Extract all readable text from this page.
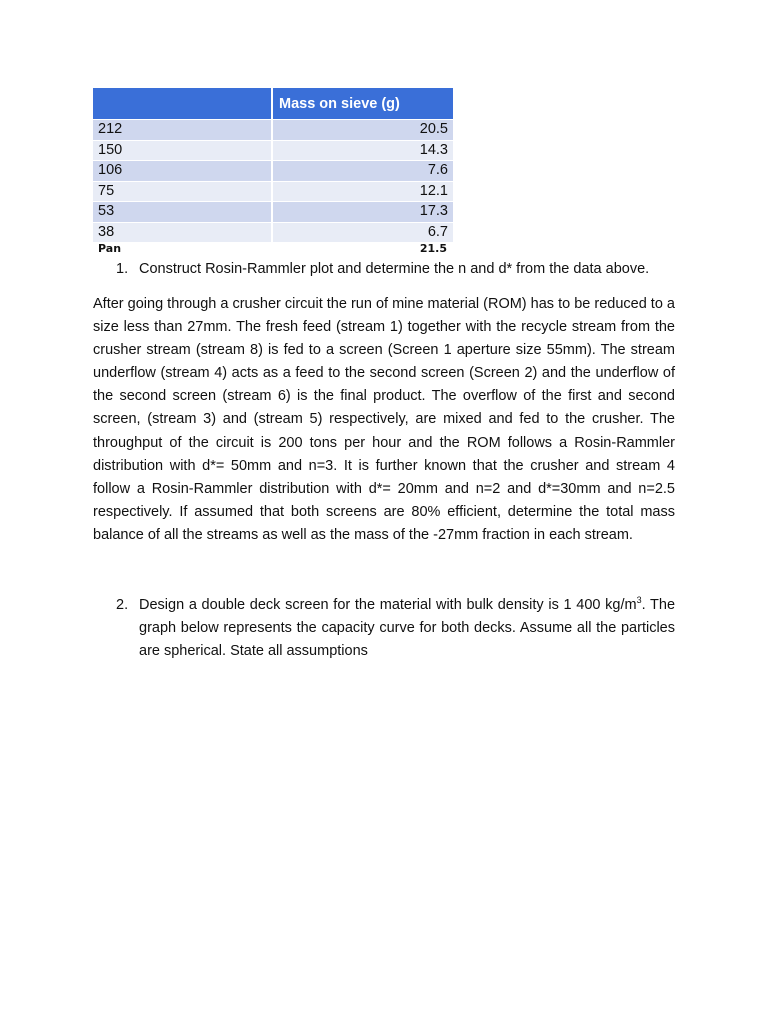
	Mass on sieve (g)
212	20.5
150	14.3
106	7.6
75	12.1
53	17.3
38	6.7
Pan	21.5
1. Construct Rosin-Rammler plot and determine the n and d* from the data above.

After going through a crusher circuit the run of mine material (ROM) has to be reduced to a size less than 27mm. The fresh feed (stream 1) together with the recycle stream from the crusher stream (stream 8) is fed to a screen (Screen 1 aperture size 55mm). The stream underflow (stream 4) acts as a feed to the second screen (Screen 2) and the underflow of the second screen (stream 6) is the final product. The overflow of the first and second screen, (stream 3) and (stream 5) respectively, are mixed and fed to the crusher. The throughput of the circuit is 200 tons per hour and the ROM follows a Rosin-Rammler distribution with d*= 50mm and n=3. It is further known that the crusher and stream 4 follow a Rosin-Rammler distribution with d*= 20mm and n=2 and d*=30mm and n=2.5 respectively. If assumed that both screens are 80% efficient, determine the total mass balance of all the streams as well as the mass of the -27mm fraction in each stream.

2. Design a double deck screen for the material with bulk density is 1 400 $kg/m^3$. The graph below represents the capacity curve for both decks. Assume all the particles are spherical. State all assumptions
